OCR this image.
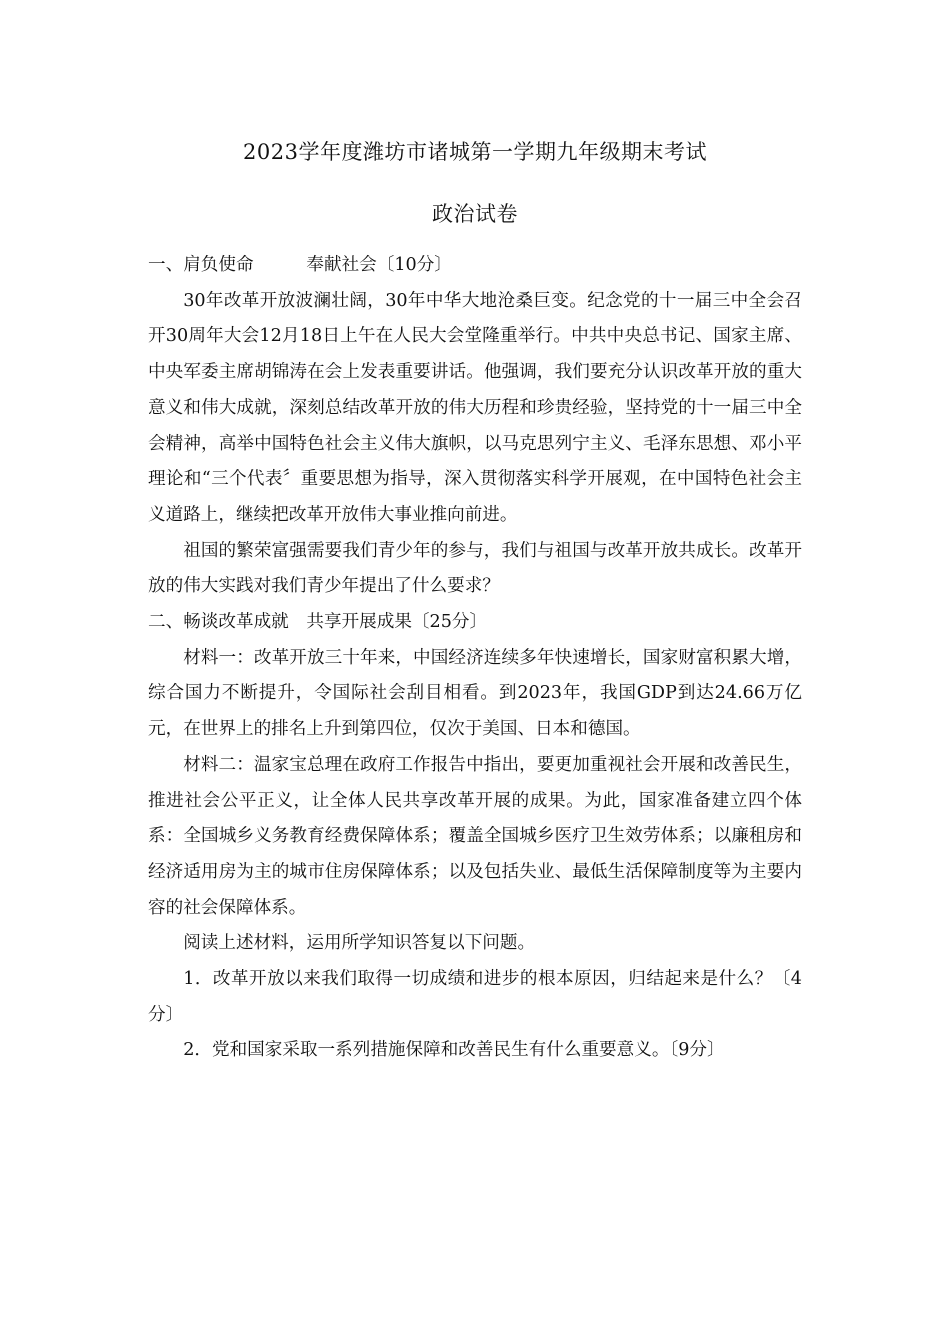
2023学年度潍坊市诸城第一学期九年级期末考试
政治试卷

一、肩负使命　　　奉献社会〔10分〕

30年改革开放波澜壮阔，30年中华大地沧桑巨变。纪念党的十一届三中全会召开30周年大会12月18日上午在人民大会堂隆重举行。中共中央总书记、国家主席、中央军委主席胡锦涛在会上发表重要讲话。他强调，我们要充分认识改革开放的重大意义和伟大成就，深刻总结改革开放的伟大历程和珍贵经验，坚持党的十一届三中全会精神，高举中国特色社会主义伟大旗帜，以马克思列宁主义、毛泽东思想、邓小平理论和“三个代表〞重要思想为指导，深入贯彻落实科学开展观，在中国特色社会主义道路上，继续把改革开放伟大事业推向前进。

祖国的繁荣富强需要我们青少年的参与，我们与祖国与改革开放共成长。改革开放的伟大实践对我们青少年提出了什么要求？

二、畅谈改革成就　共享开展成果〔25分〕

材料一：改革开放三十年来，中国经济连续多年快速增长，国家财富积累大增，综合国力不断提升，令国际社会刮目相看。到2023年，我国GDP到达24.66万亿元，在世界上的排名上升到第四位，仅次于美国、日本和德国。

材料二：温家宝总理在政府工作报告中指出，要更加重视社会开展和改善民生，推进社会公平正义，让全体人民共享改革开展的成果。为此，国家准备建立四个体系：全国城乡义务教育经费保障体系；覆盖全国城乡医疗卫生效劳体系；以廉租房和经济适用房为主的城市住房保障体系；以及包括失业、最低生活保障制度等为主要内容的社会保障体系。

阅读上述材料，运用所学知识答复以下问题。

1．改革开放以来我们取得一切成绩和进步的根本原因，归结起来是什么？〔4分〕

2．党和国家采取一系列措施保障和改善民生有什么重要意义。〔9分〕
